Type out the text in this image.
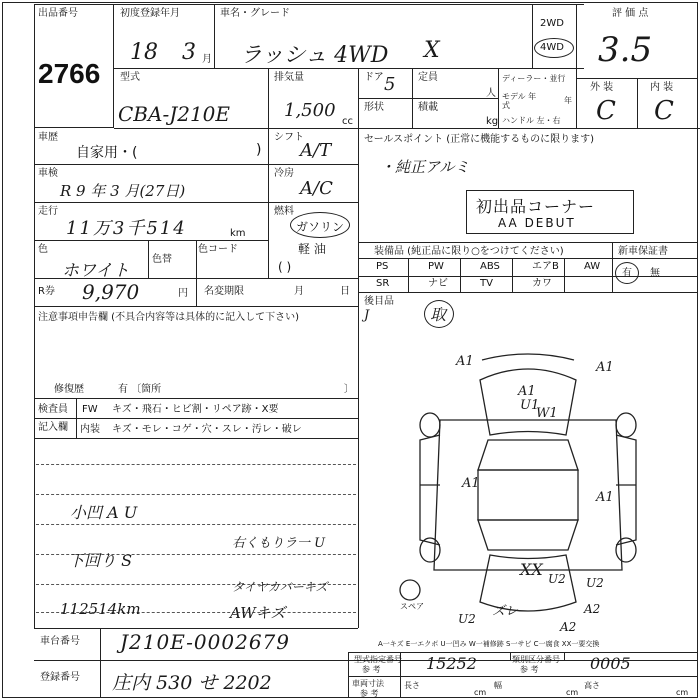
出品番号
2766
初度登録年月
18 3 月
車名・グレード
ラッシュ 4WD X
2WD
4WD
評 価 点
3.5
外 装	内 装
C C
型式
CBA-J210E
排気量
1,500
cc
ドア 5 定員
人
形状	積載
kg
ディーラー・並行
モデル 年式
年
ハンドル 左・右
車歴
自家用・(	)
シフト
A/T
車検
R 9 年 3 月(27日)
冷房
A/C
走行
11万3千514	km
燃料
ガソリン
軽 油
( )
色
ホワイト
色替
色コード
R券 9,970	円 名変期限	月	日
注意事項申告欄 (不具合内容等は具体的に記入して下さい)
修復歴	有 〔箇所	〕
検査員
記入欄
FW キズ・飛石・ヒビ割・リペア跡・X要
内装 キズ・モレ・コゲ・穴・スレ・汚レ・破レ
小凹 A U
右くもりラ一 U
下回り S
タイヤカバーキズ
112514km	AWキズ
セールスポイント (正常に機能するものに限ります)
・純正アルミ
初出品コーナー
AA DEBUT
装備品 (純正品に限り○をつけてください)	新車保証書
PS	PW	ABS	エアB	AW
SR	ナビ	TV	カワ
有 無
後目品
J	取
スペア
A1	A1
A1
U1
W1
A1
A1
XX U2 U2
ズレ	A2
A2
U2
A一キズ E一エクボ U一凹み W一補修跡 S一サビ C一腐食 XX一要交換
車台番号 J210E-0002679
登録番号 庄内 530 せ 2202
型式指定番号
参 考	15252	類別区分番号
参 考	0005
車両寸法
参 考
長さ
cm
幅
cm
高さ
cm
